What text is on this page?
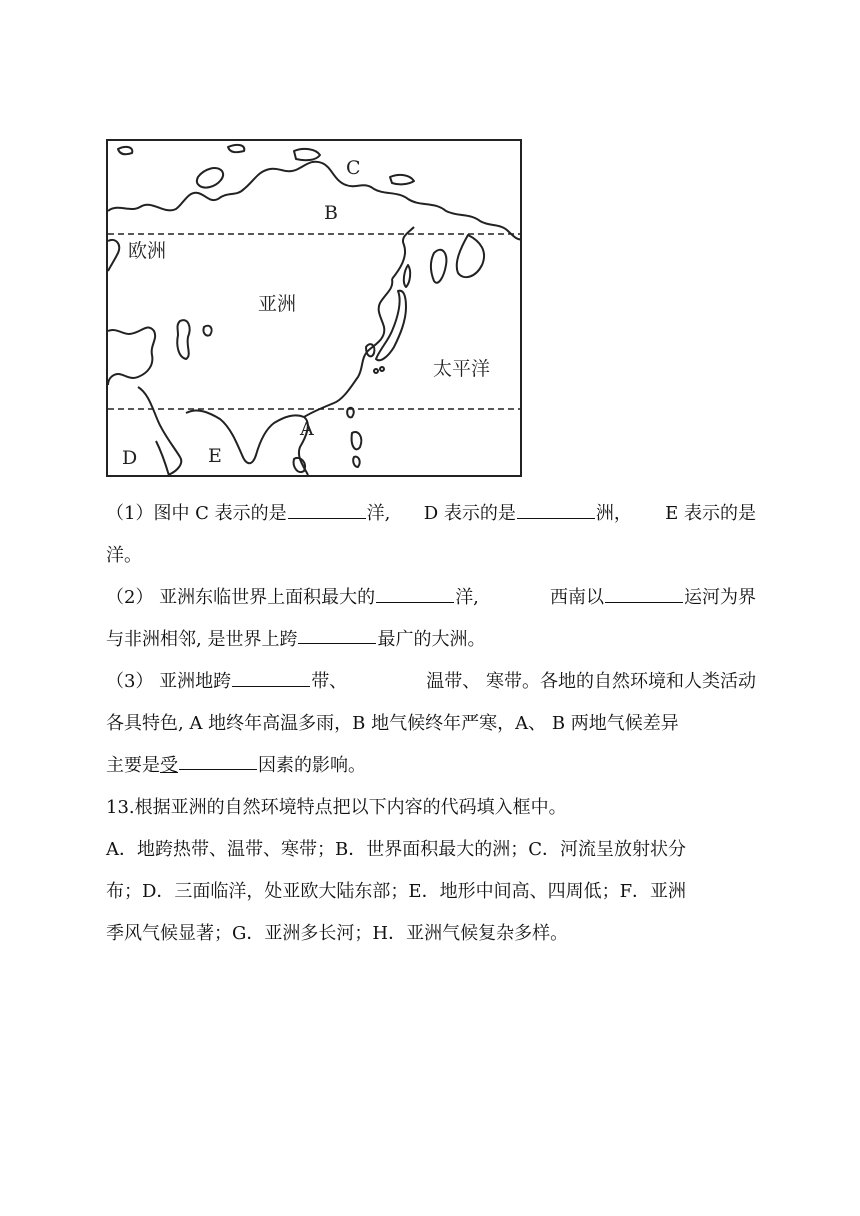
C
B
欧洲
亚洲
太平洋
A
D	E
（1）图中 C 表示的是	洋, D 表示的是	洲， E 表示的是
洋。
（2） 亚洲东临世界上面积最大的	洋,	西南以	运河为界
与非洲相邻, 是世界上跨	最广的大洲。
（3） 亚洲地跨	带、	温带、 寒带。各地的自然环境和人类活动
各具特色, A 地终年高温多雨，B 地气候终年严寒，A、 B 两地气候差异
主要是 受	因素的影响。
13.根据亚洲的自然环境特点把以下内容的代码填入框中。
A．地跨热带、温带、寒带；B．世界面积最大的洲；C．河流呈放射状分
布；D．三面临洋，处亚欧大陆东部；E．地形中间高、四周低；F．亚洲
季风气候显著；G．亚洲多长河；H．亚洲气候复杂多样。
